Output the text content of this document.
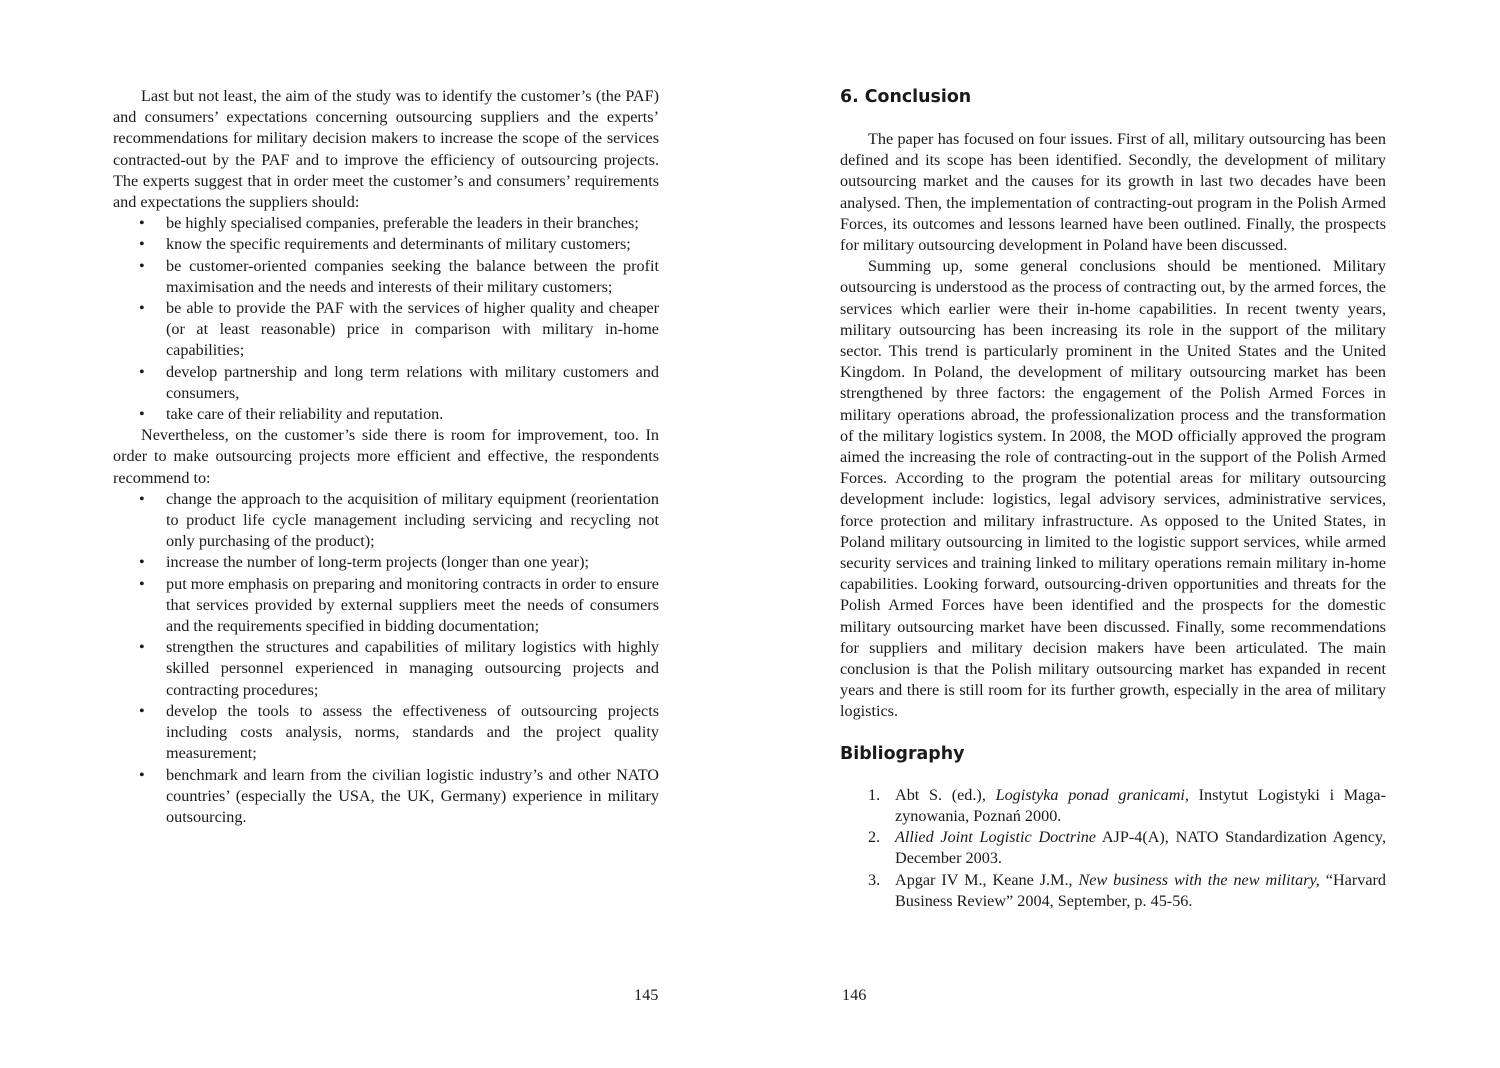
Last but not least, the aim of the study was to identify the customer’s (the PAF) and consumers’ expectations concerning outsourcing suppliers and the experts’ recommendations for military decision makers to increase the scope of the services contracted-out by the PAF and to improve the efficiency of outsourcing projects. The experts suggest that in order meet the customer’s and consumers’ requirements and expectations the suppliers should:

• be highly specialised companies, preferable the leaders in their branches;
• know the specific requirements and determinants of military customers;
• be customer-oriented companies seeking the balance between the profit maximisation and the needs and interests of their military customers;
• be able to provide the PAF with the services of higher quality and cheaper (or at least reasonable) price in comparison with military in-home capabilities;
• develop partnership and long term relations with military customers and consumers,
• take care of their reliability and reputation.

Nevertheless, on the customer’s side there is room for improvement, too. In order to make outsourcing projects more efficient and effective, the respondents recommend to:

• change the approach to the acquisition of military equipment (reorientation to product life cycle management including servicing and recycling not only purchasing of the product);
• increase the number of long-term projects (longer than one year);
• put more emphasis on preparing and monitoring contracts in order to ensure that services provided by external suppliers meet the needs of consumers and the requirements specified in bidding documentation;
• strengthen the structures and capabilities of military logistics with highly skilled personnel experienced in managing outsourcing projects and contracting procedures;
• develop the tools to assess the effectiveness of outsourcing projects including costs analysis, norms, standards and the project quality measurement;
• benchmark and learn from the civilian logistic industry’s and other NATO countries’ (especially the USA, the UK, Germany) experience in military outsourcing.
145
6. Conclusion

The paper has focused on four issues. First of all, military outsourcing has been defined and its scope has been identified. Secondly, the development of military outsourcing market and the causes for its growth in last two decades have been analysed. Then, the implementation of contracting-out program in the Polish Armed Forces, its outcomes and lessons learned have been outlined. Finally, the prospects for military outsourcing development in Poland have been discussed.

Summing up, some general conclusions should be mentioned. Military outsourcing is understood as the process of contracting out, by the armed forces, the services which earlier were their in-home capabilities. In recent twenty years, military outsourcing has been increasing its role in the support of the military sector. This trend is particularly prominent in the United States and the United Kingdom. In Poland, the development of military outsourcing market has been strengthened by three factors: the engagement of the Polish Armed Forces in military operations abroad, the professionalization process and the transformation of the military logistics system. In 2008, the MOD officially approved the program aimed the increasing the role of contracting-out in the support of the Polish Armed Forces. According to the program the potential areas for military outsourcing development include: logistics, legal advisory services, administrative services, force protection and military infrastructure. As opposed to the United States, in Poland military outsourcing in limited to the logistic support services, while armed security services and training linked to military operations remain military in-home capabilities. Looking forward, outsourcing-driven opportunities and threats for the Polish Armed Forces have been identified and the prospects for the domestic military outsourcing market have been discussed. Finally, some recommendations for suppliers and military decision makers have been articulated. The main conclusion is that the Polish military outsourcing market has expanded in recent years and there is still room for its further growth, especially in the area of military logistics.

Bibliography
1. Abt S. (ed.), Logistyka ponad granicami, Instytut Logistyki i Maga-zynowania, Poznań 2000.
2. Allied Joint Logistic Doctrine AJP-4(A), NATO Standardization Agency, December 2003.
3. Apgar IV M., Keane J.M., New business with the new military, “Harvard Business Review” 2004, September, p. 45-56.
146
